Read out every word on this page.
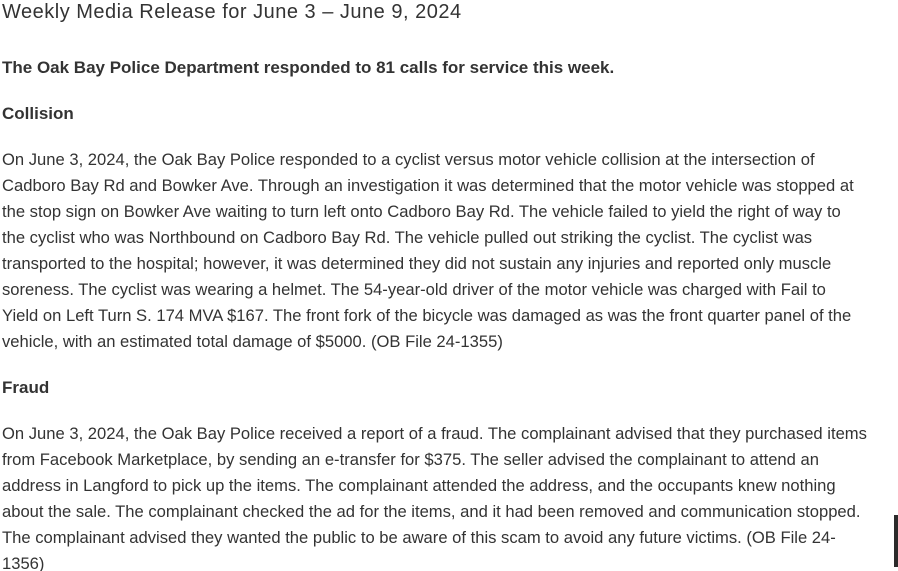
Weekly Media Release for June 3 – June 9, 2024

The Oak Bay Police Department responded to 81 calls for service this week.

Collision

On June 3, 2024, the Oak Bay Police responded to a cyclist versus motor vehicle collision at the intersection of
Cadboro Bay Rd and Bowker Ave. Through an investigation it was determined that the motor vehicle was stopped at
the stop sign on Bowker Ave waiting to turn left onto Cadboro Bay Rd. The vehicle failed to yield the right of way to
the cyclist who was Northbound on Cadboro Bay Rd. The vehicle pulled out striking the cyclist. The cyclist was
transported to the hospital; however, it was determined they did not sustain any injuries and reported only muscle
soreness. The cyclist was wearing a helmet. The 54-year-old driver of the motor vehicle was charged with Fail to
Yield on Left Turn S. 174 MVA $167. The front fork of the bicycle was damaged as was the front quarter panel of the
vehicle, with an estimated total damage of $5000. (OB File 24-1355)

Fraud

On June 3, 2024, the Oak Bay Police received a report of a fraud. The complainant advised that they purchased items
from Facebook Marketplace, by sending an e-transfer for $375. The seller advised the complainant to attend an
address in Langford to pick up the items. The complainant attended the address, and the occupants knew nothing
about the sale. The complainant checked the ad for the items, and it had been removed and communication stopped.
The complainant advised they wanted the public to be aware of this scam to avoid any future victims. (OB File 24-
1356)
